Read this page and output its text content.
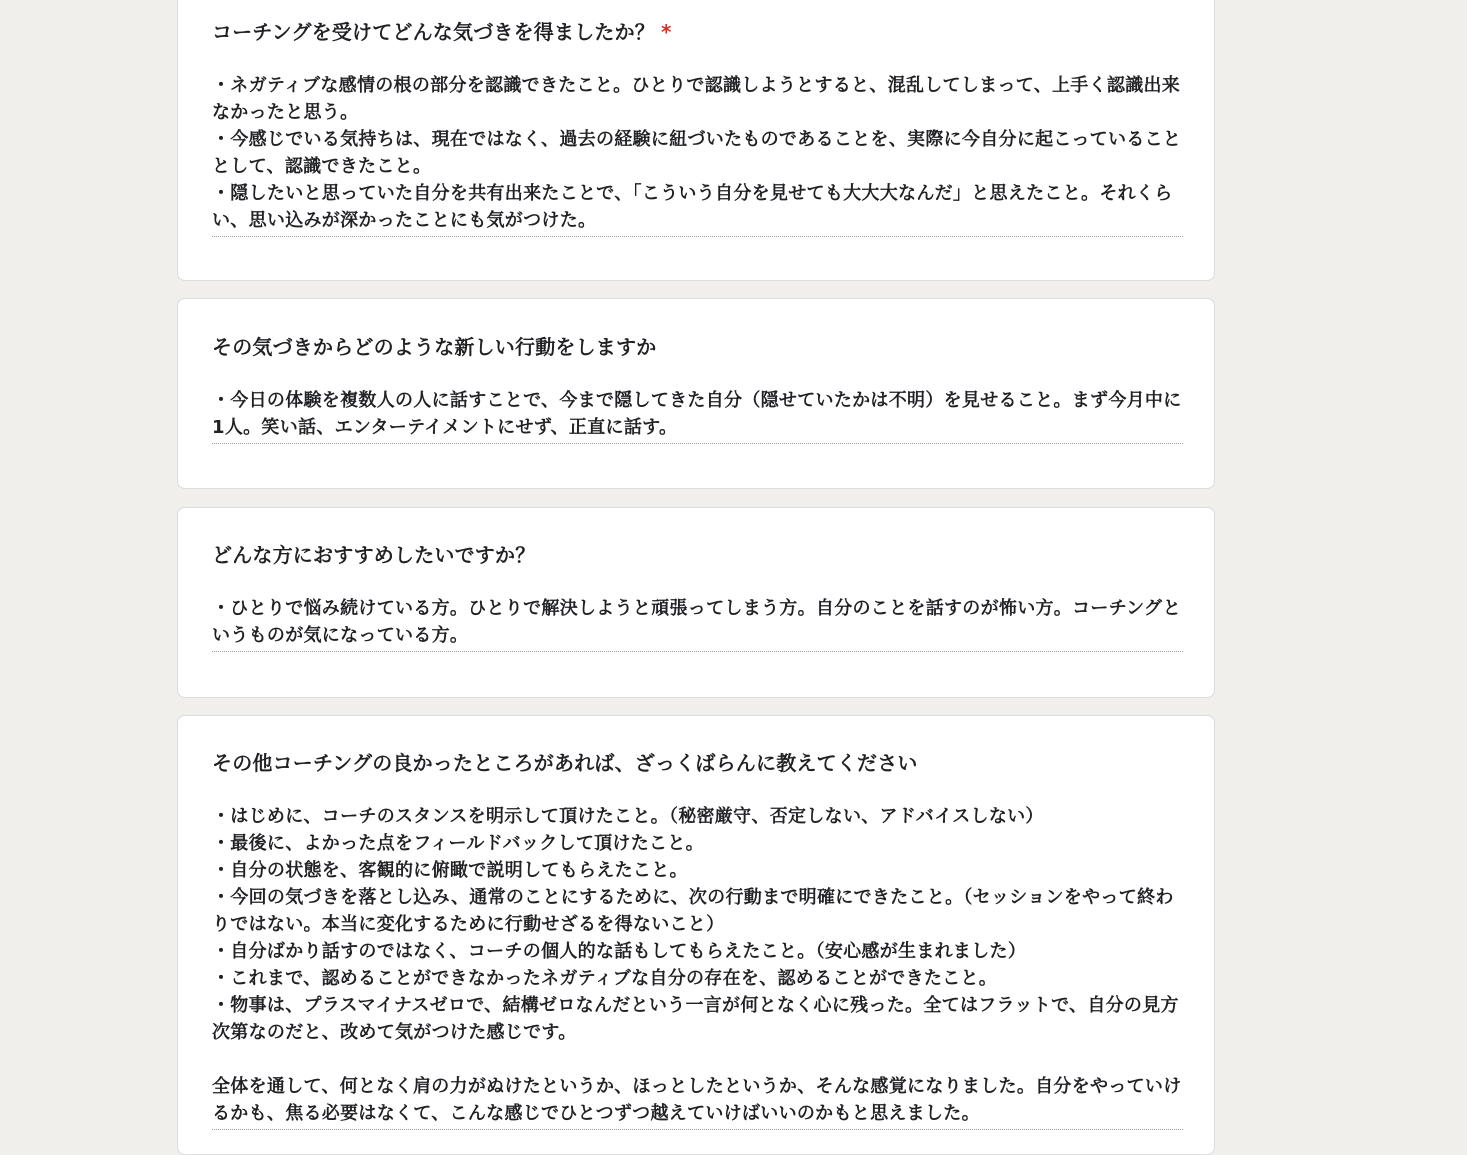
コーチングを受けてどんな気づきを得ましたか？ *
・ネガティブな感情の根の部分を認識できたこと。ひとりで認識しようとすると、混乱してしまって、上手く認識出来なかったと思う。
・今感じでいる気持ちは、現在ではなく、過去の経験に紐づいたものであることを、実際に今自分に起こっていることとして、認識できたこと。
・隠したいと思っていた自分を共有出来たことで、「こういう自分を見せても大大大なんだ」と思えたこと。それくらい、思い込みが深かったことにも気がつけた。
その気づきからどのような新しい行動をしますか
・今日の体験を複数人の人に話すことで、今まで隠してきた自分（隠せていたかは不明）を見せること。まず今月中に1人。笑い話、エンターテイメントにせず、正直に話す。
どんな方におすすめしたいですか？
・ひとりで悩み続けている方。ひとりで解決しようと頑張ってしまう方。自分のことを話すのが怖い方。コーチングというものが気になっている方。
その他コーチングの良かったところがあれば、ざっくばらんに教えてください
・はじめに、コーチのスタンスを明示して頂けたこと。（秘密厳守、否定しない、アドバイスしない）
・最後に、よかった点をフィールドバックして頂けたこと。
・自分の状態を、客観的に俯瞰で説明してもらえたこと。
・今回の気づきを落とし込み、通常のことにするために、次の行動まで明確にできたこと。（セッションをやって終わりではない。本当に変化するために行動せざるを得ないこと）
・自分ばかり話すのではなく、コーチの個人的な話もしてもらえたこと。（安心感が生まれました）
・これまで、認めることができなかったネガティブな自分の存在を、認めることができたこと。
・物事は、プラスマイナスゼロで、結構ゼロなんだという一言が何となく心に残った。全てはフラットで、自分の見方次第なのだと、改めて気がつけた感じです。

全体を通して、何となく肩の力がぬけたというか、ほっとしたというか、そんな感覚になりました。自分をやっていけるかも、焦る必要はなくて、こんな感じでひとつずつ越えていけばいいのかもと思えました。
